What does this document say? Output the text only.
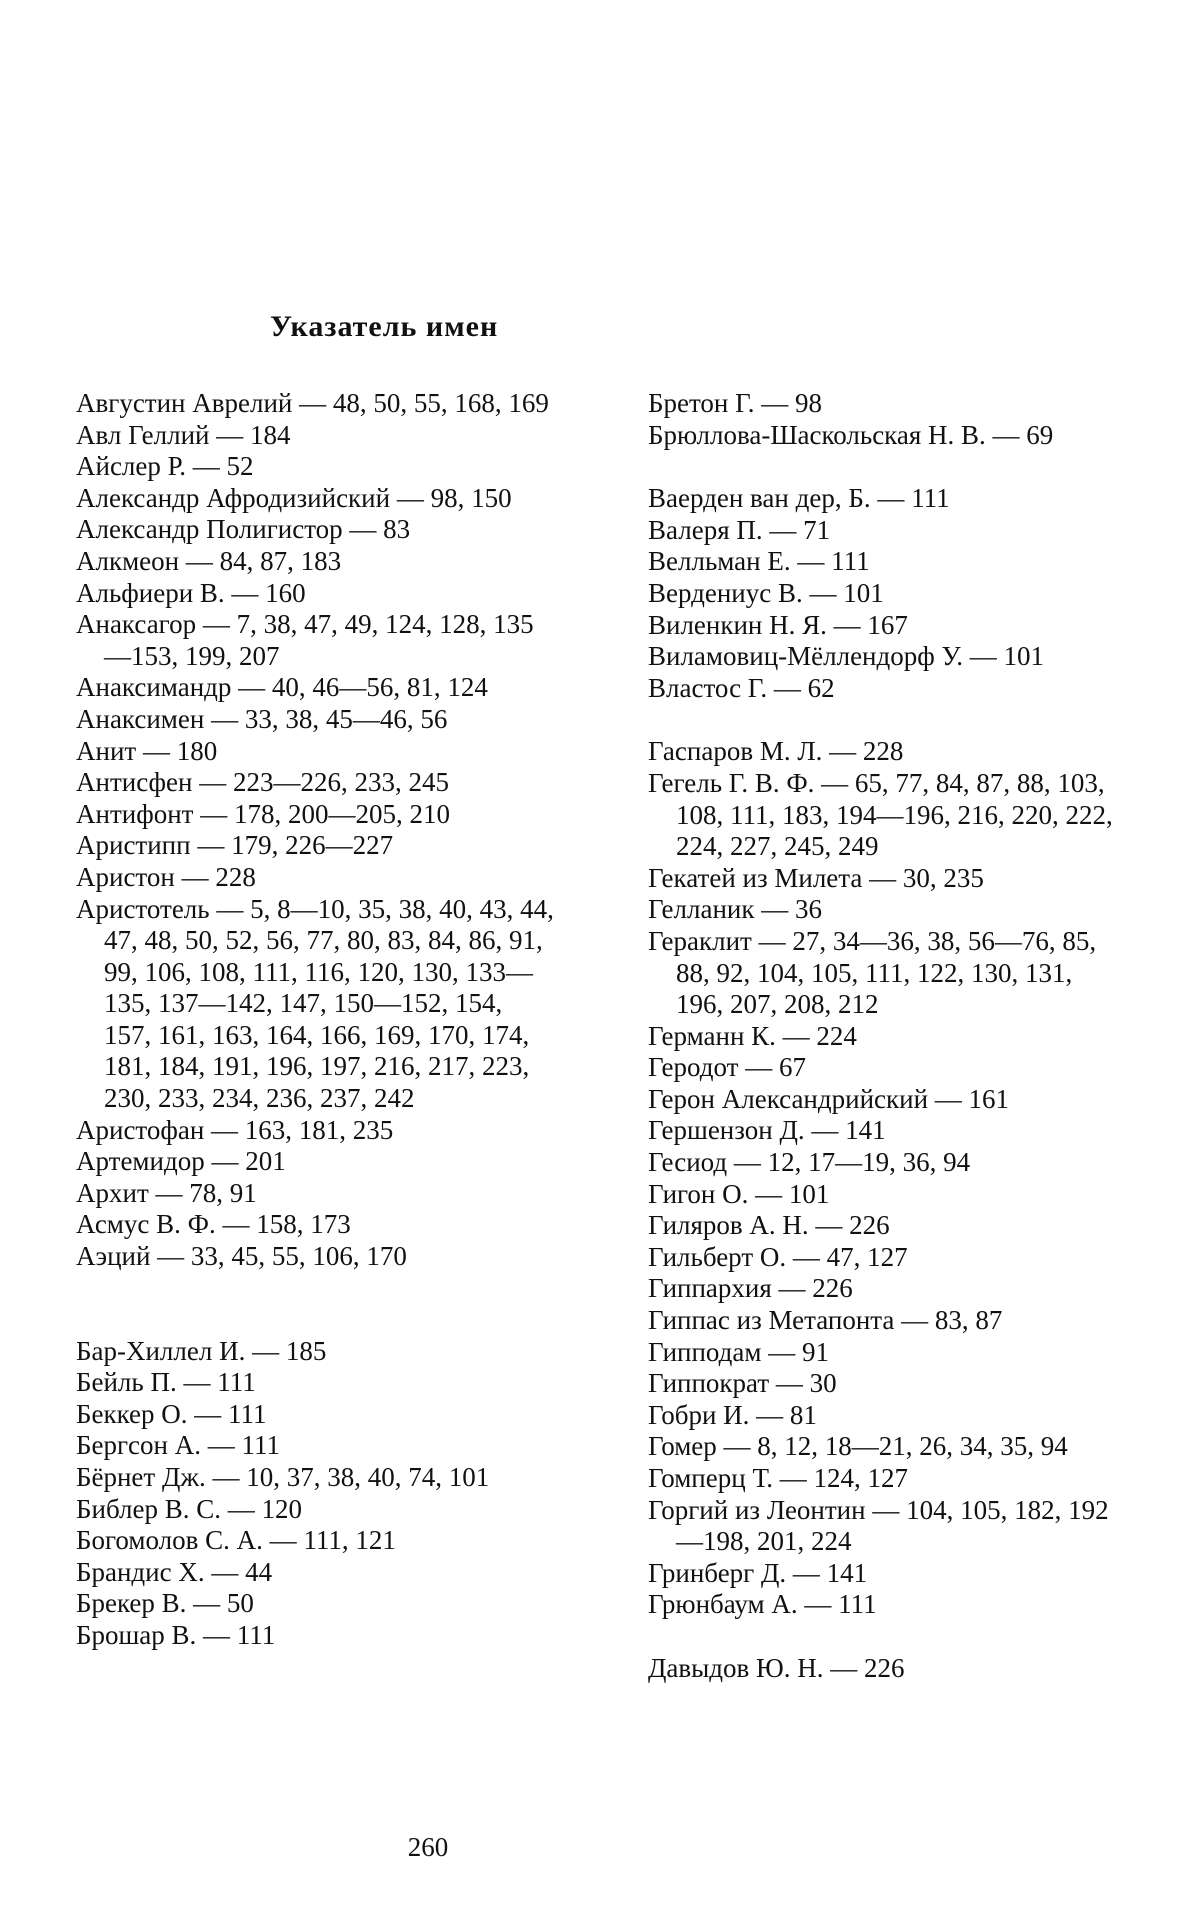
Указатель имен
Августин Аврелий — 48, 50, 55, 168, 169
Авл Геллий — 184
Айслер Р. — 52
Александр Афродизийский — 98, 150
Александр Полигистор — 83
Алкмеон — 84, 87, 183
Альфиери В. — 160
Анаксагор — 7, 38, 47, 49, 124, 128, 135—153, 199, 207
Анаксимандр — 40, 46—56, 81, 124
Анаксимен — 33, 38, 45—46, 56
Анит — 180
Антисфен — 223—226, 233, 245
Антифонт — 178, 200—205, 210
Аристипп — 179, 226—227
Аристон — 228
Аристотель — 5, 8—10, 35, 38, 40, 43, 44, 47, 48, 50, 52, 56, 77, 80, 83, 84, 86, 91, 99, 106, 108, 111, 116, 120, 130, 133—135, 137—142, 147, 150—152, 154, 157, 161, 163, 164, 166, 169, 170, 174, 181, 184, 191, 196, 197, 216, 217, 223, 230, 233, 234, 236, 237, 242
Аристофан — 163, 181, 235
Артемидор — 201
Архит — 78, 91
Асмус В. Ф. — 158, 173
Аэций — 33, 45, 55, 106, 170
Бар-Хиллел И. — 185
Бейль П. — 111
Беккер О. — 111
Бергсон А. — 111
Бёрнет Дж. — 10, 37, 38, 40, 74, 101
Библер В. С. — 120
Богомолов С. А. — 111, 121
Брандис Х. — 44
Брекер В. — 50
Брошар В. — 111
Бретон Г. — 98
Брюллова-Шаскольская Н. В. — 69
Ваерден ван дер, Б. — 111
Валеря П. — 71
Велльман Е. — 111
Вердениус В. — 101
Виленкин Н. Я. — 167
Виламовиц-Мёллендорф У. — 101
Властос Г. — 62
Гаспаров М. Л. — 228
Гегель Г. В. Ф. — 65, 77, 84, 87, 88, 103, 108, 111, 183, 194—196, 216, 220, 222, 224, 227, 245, 249
Гекатей из Милета — 30, 235
Гелланик — 36
Гераклит — 27, 34—36, 38, 56—76, 85, 88, 92, 104, 105, 111, 122, 130, 131, 196, 207, 208, 212
Германн К. — 224
Геродот — 67
Герон Александрийский — 161
Гершензон Д. — 141
Гесиод — 12, 17—19, 36, 94
Гигон О. — 101
Гиляров А. Н. — 226
Гильберт О. — 47, 127
Гиппархия — 226
Гиппас из Метапонта — 83, 87
Гипподам — 91
Гиппократ — 30
Гобри И. — 81
Гомер — 8, 12, 18—21, 26, 34, 35, 94
Гомперц Т. — 124, 127
Горгий из Леонтин — 104, 105, 182, 192—198, 201, 224
Гринберг Д. — 141
Грюнбаум А. — 111
Давыдов Ю. Н. — 226
260
